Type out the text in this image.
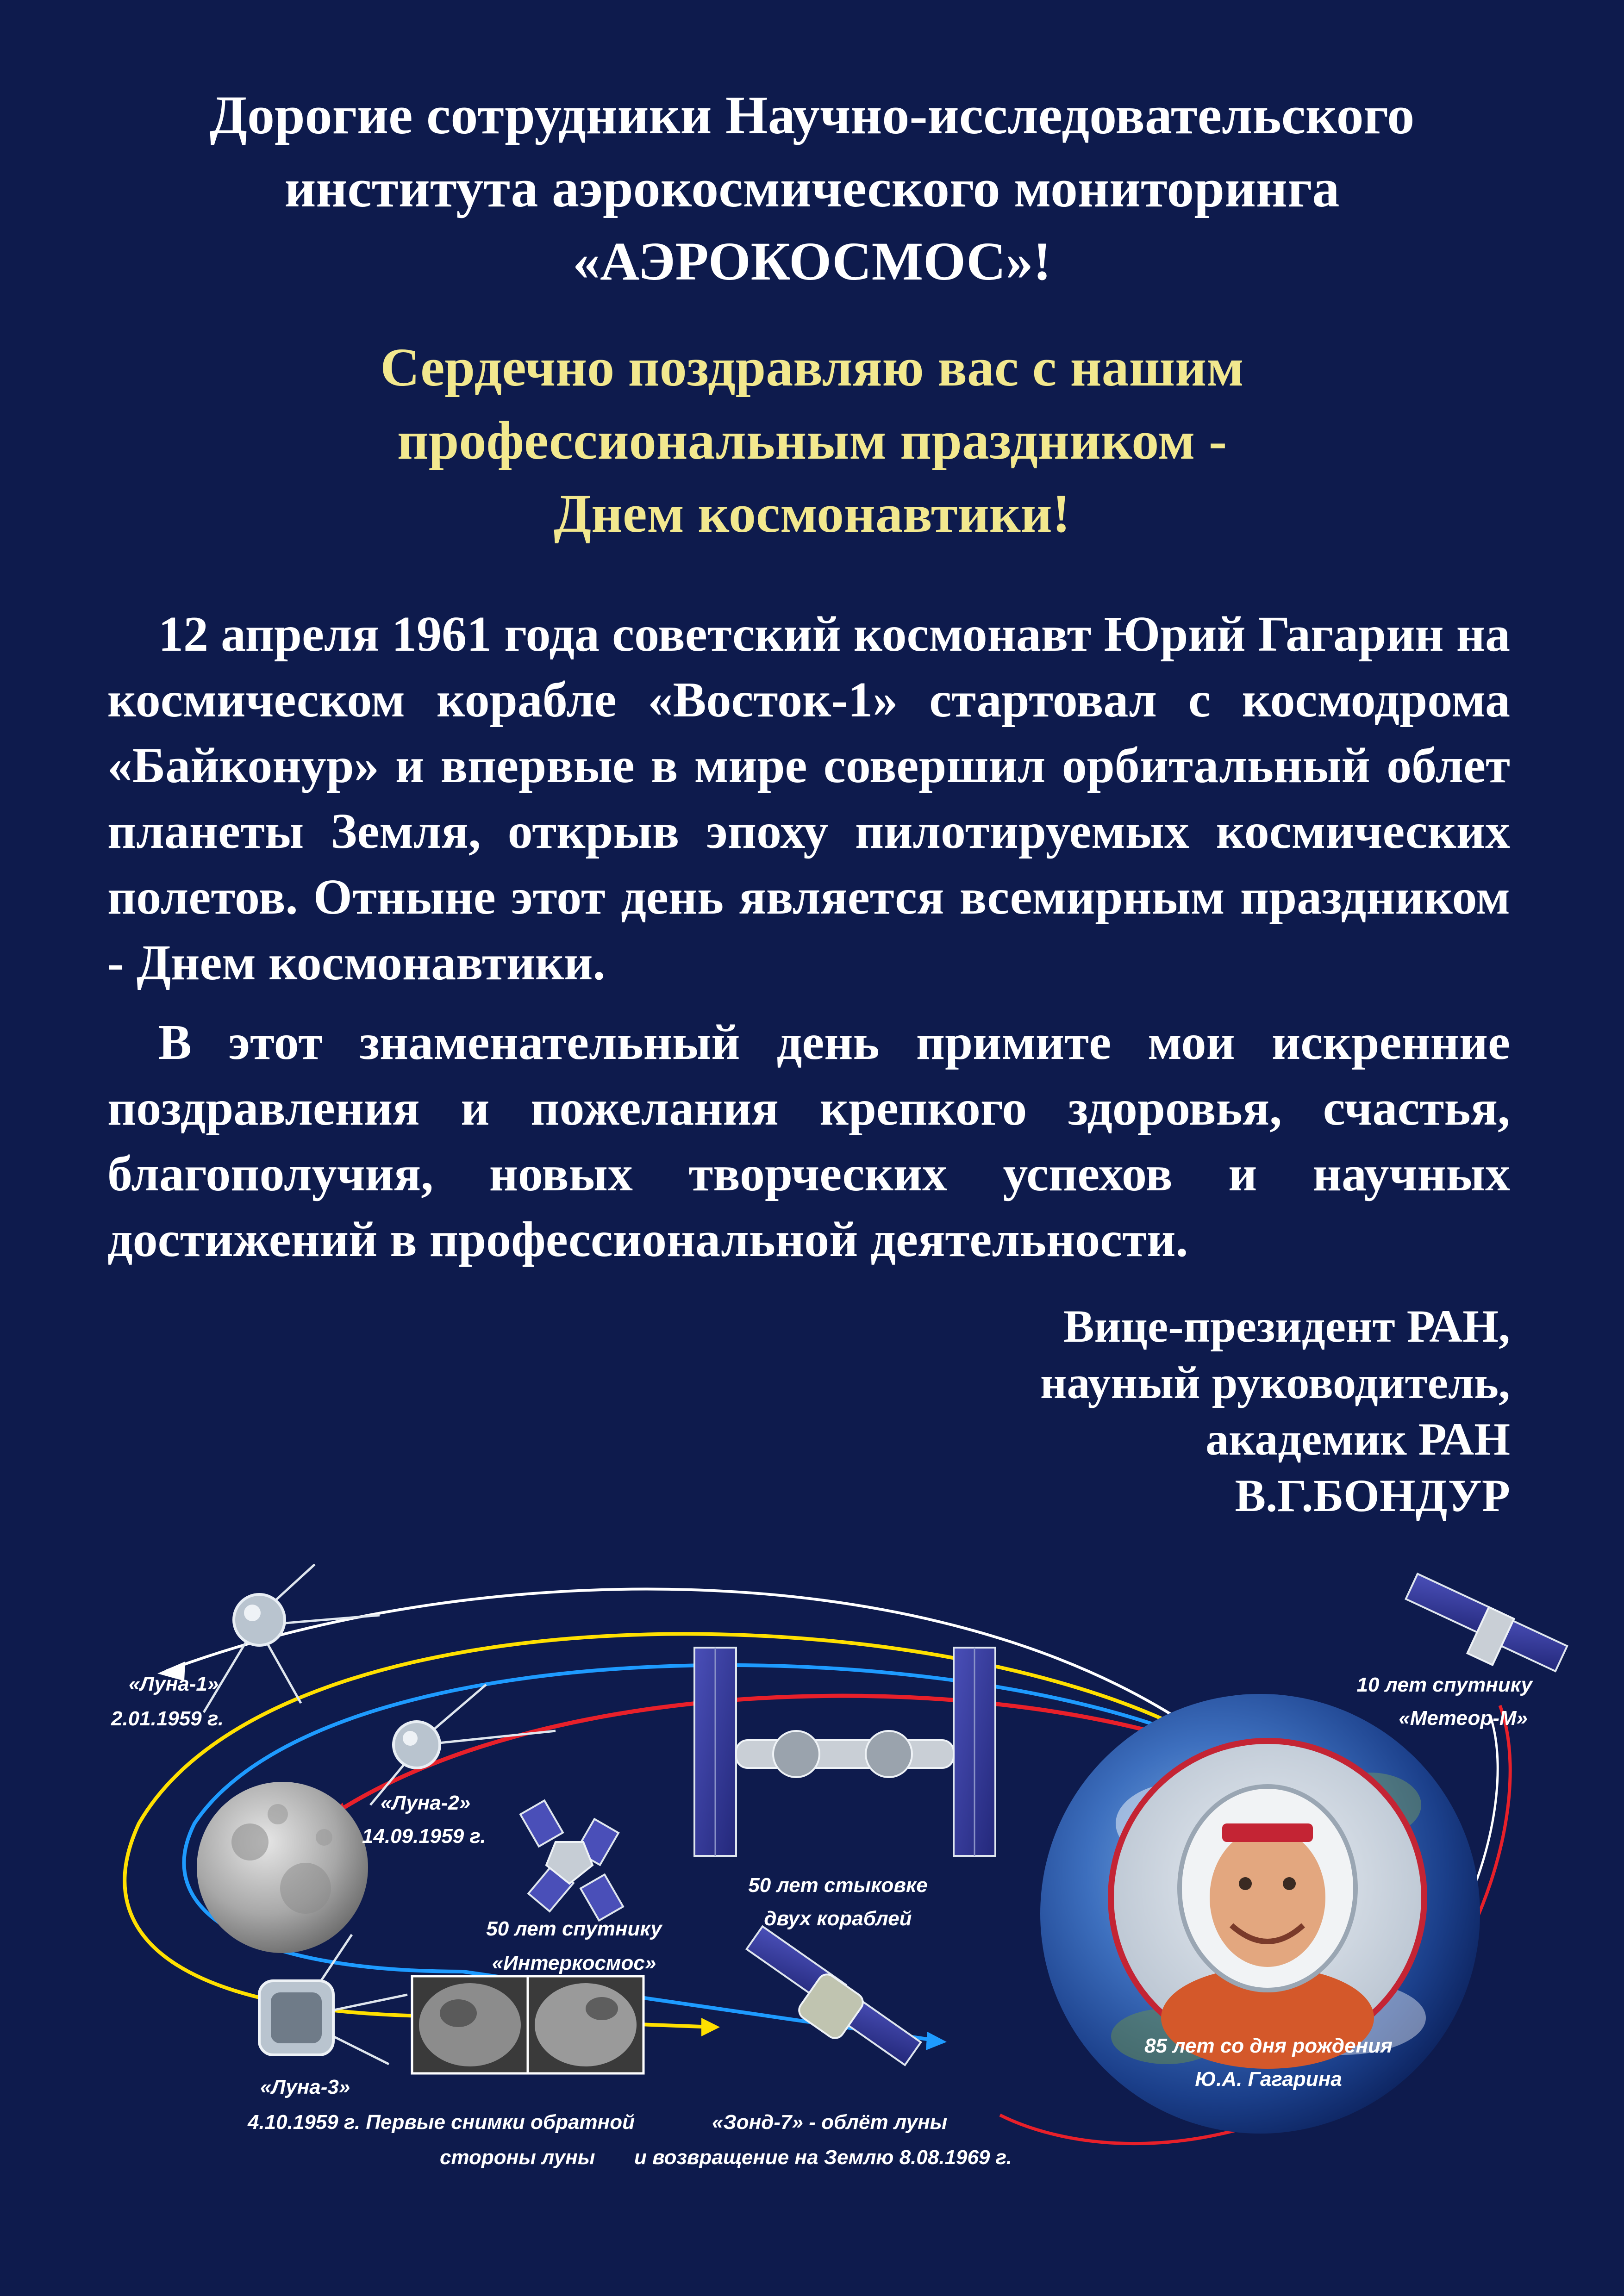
Дорогие сотрудники Научно-исследовательского
института аэрокосмического мониторинга
«АЭРОКОСМОС»!
Сердечно поздравляю вас с нашим
профессиональным праздником -
Днем космонавтики!

12 апреля 1961 года советский космонавт Юрий Гагарин на космическом корабле «Восток-1» стартовал с космодрома «Байконур» и впервые в мире совершил орбитальный облет планеты Земля, открыв эпоху пилотируемых космических полетов. Отныне этот день является всемирным праздником - Днем космонавтики.

В этот знаменательный день примите мои искренние поздравления и пожелания крепкого здоровья, счастья, благополучия, новых творческих успехов и научных достижений в профессиональной деятельности.

Вице-президент РАН,
науный руководитель,
академик РАН
В.Г.БОНДУР
«Луна-1»
2.01.1959 г.
«Луна-2»
14.09.1959 г.
50 лет спутнику
«Интеркосмос»
50 лет стыковке
двух кораблей
10 лет спутнику
«Метеор-М»
85 лет со дня рождения
Ю.А. Гагарина
«Луна-3»
4.10.1959 г. Первые снимки обратной
стороны луны
«Зонд-7» - облёт луны
и возвращение на Землю 8.08.1969 г.
